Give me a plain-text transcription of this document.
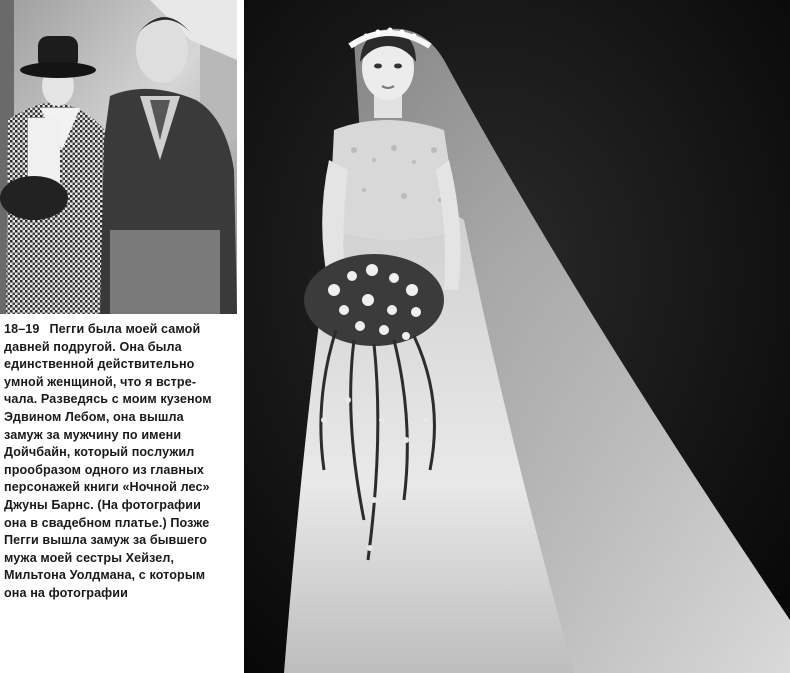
18–19 Пегги была моей самой
давней подругой. Она была
единственной действительно
умной женщиной, что я встре-
чала. Разведясь с моим кузеном
Эдвином Лебом, она вышла
замуж за мужчину по имени
Дойчбайн, который послужил
прообразом одного из главных
персонажей книги «Ночной лес»
Джуны Барнс. (На фотографии
она в свадебном платье.) Позже
Пегги вышла замуж за бывшего
мужа моей сестры Хейзел,
Мильтона Уолдмана, с которым
она на фотографии
